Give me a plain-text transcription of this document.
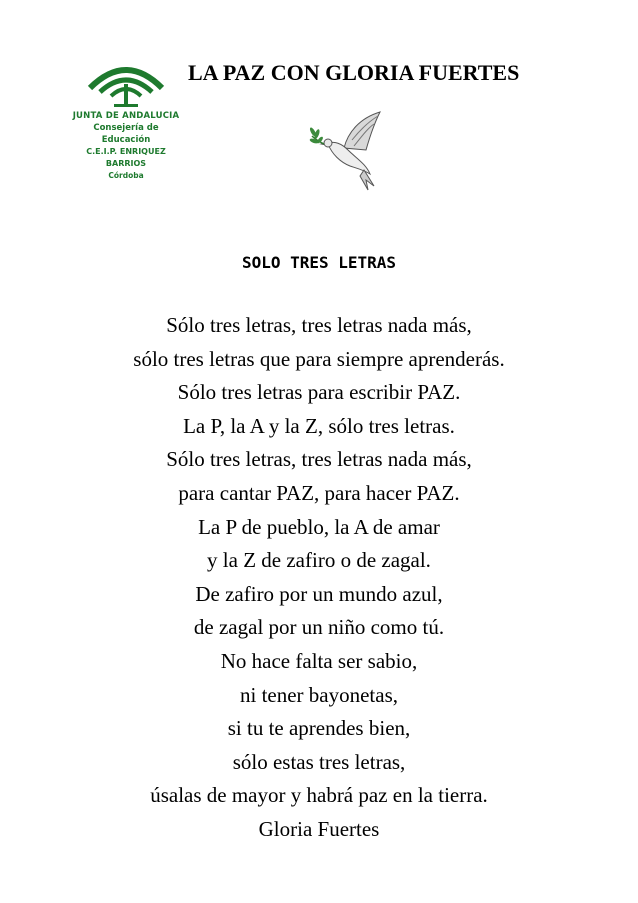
JUNTA DE ANDALUCIA
Consejería de Educación
C.E.I.P. ENRIQUEZ BARRIOS
Córdoba
LA PAZ CON GLORIA FUERTES
SOLO TRES LETRAS
Sólo tres letras, tres letras nada más,
sólo tres letras que para siempre aprenderás.
Sólo tres letras para escribir PAZ.
La P, la A y la Z, sólo tres letras.
Sólo tres letras, tres letras nada más,
para cantar PAZ, para hacer PAZ.
La P de pueblo, la A de amar
y la Z de zafiro o de zagal.
De zafiro por un mundo azul,
de zagal por un niño como tú.
No hace falta ser sabio,
ni tener bayonetas,
si tu te aprendes bien,
sólo estas tres letras,
úsalas de mayor y habrá paz en la tierra.
Gloria Fuertes
